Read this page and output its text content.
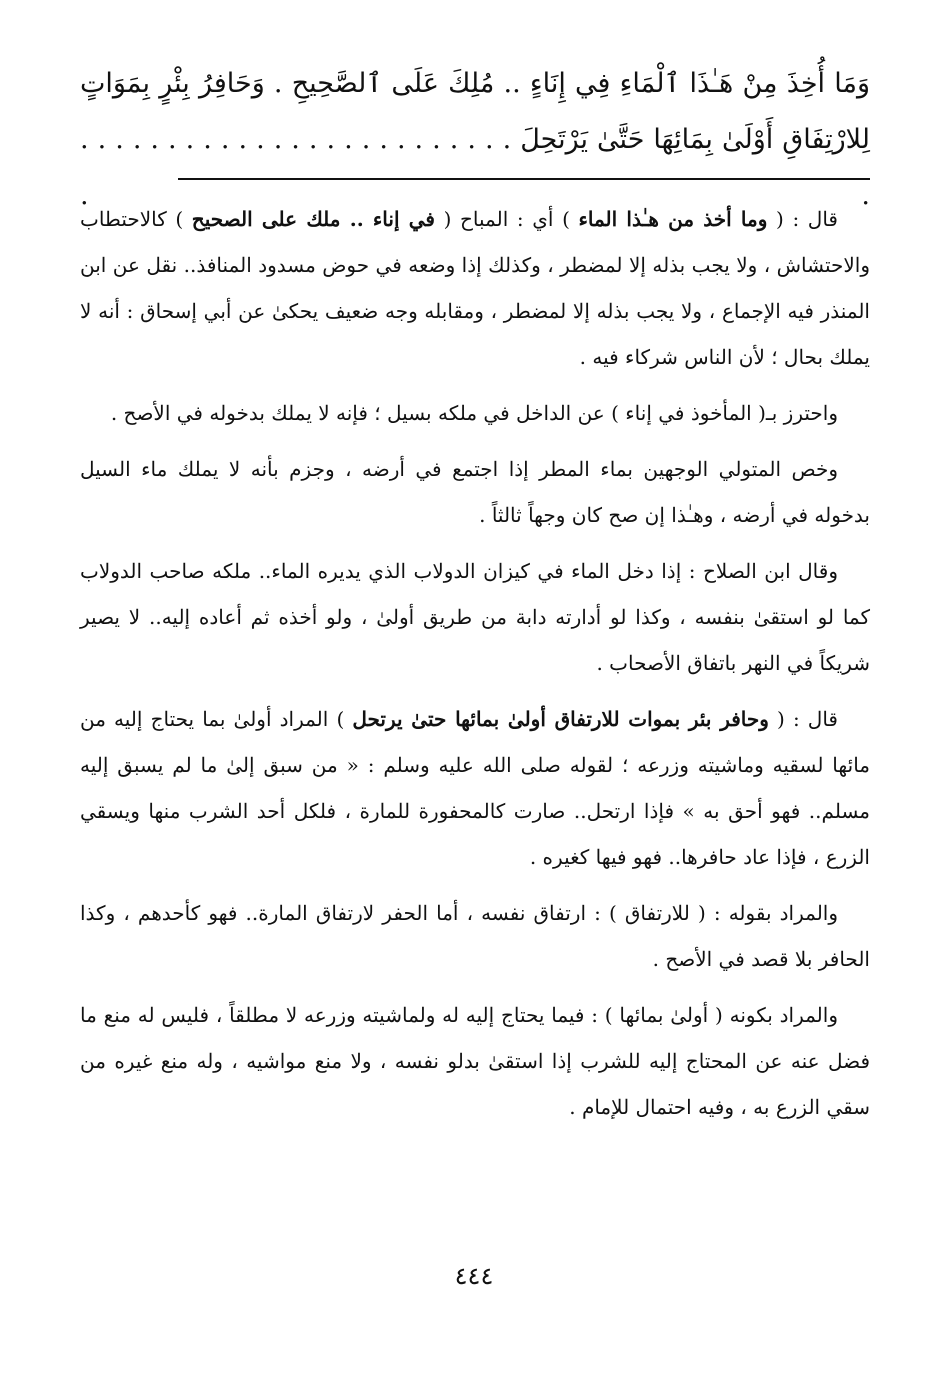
وَمَا أُخِذَ مِنْ هَـٰذَا ٱلْمَاءِ فِي إِنَاءٍ .. مُلِكَ عَلَى ٱلصَّحِيحِ . وَحَافِرُ بِئْرٍ بِمَوَاتٍ

لِلارْتِفَاقِ أَوْلَىٰ بِمَائِهَا حَتَّىٰ يَرْتَحِلَ . . . . . . . . . . . . . . . . . . . . . . . . . . .

قال : ( وما أخذ من هـٰذا الماء ) أي : المباح ( في إناء .. ملك على الصحيح ) كالاحتطاب والاحتشاش ، ولا يجب بذله إلا لمضطر ، وكذلك إذا وضعه في حوض مسدود المنافذ.. نقل عن ابن المنذر فيه الإجماع ، ولا يجب بذله إلا لمضطر ، ومقابله وجه ضعيف يحكىٰ عن أبي إسحاق : أنه لا يملك بحال ؛ لأن الناس شركاء فيه .

واحترز بـ( المأخوذ في إناء ) عن الداخل في ملكه بسيل ؛ فإنه لا يملك بدخوله في الأصح .

وخص المتولي الوجهين بماء المطر إذا اجتمع في أرضه ، وجزم بأنه لا يملك ماء السيل بدخوله في أرضه ، وهـٰذا إن صح كان وجهاً ثالثاً .

وقال ابن الصلاح : إذا دخل الماء في كيزان الدولاب الذي يديره الماء.. ملكه صاحب الدولاب كما لو استقىٰ بنفسه ، وكذا لو أدارته دابة من طريق أولىٰ ، ولو أخذه ثم أعاده إليه.. لا يصير شريكاً في النهر باتفاق الأصحاب .

قال : ( وحافر بئر بموات للارتفاق أولىٰ بمائها حتىٰ يرتحل ) المراد أولىٰ بما يحتاج إليه من مائها لسقيه وماشيته وزرعه ؛ لقوله صلى الله عليه وسلم : « من سبق إلىٰ ما لم يسبق إليه مسلم.. فهو أحق به » فإذا ارتحل.. صارت كالمحفورة للمارة ، فلكل أحد الشرب منها ويسقي الزرع ، فإذا عاد حافرها.. فهو فيها كغيره .

والمراد بقوله : ( للارتفاق ) : ارتفاق نفسه ، أما الحفر لارتفاق المارة.. فهو كأحدهم ، وكذا الحافر بلا قصد في الأصح .

والمراد بكونه ( أولىٰ بمائها ) : فيما يحتاج إليه له ولماشيته وزرعه لا مطلقاً ، فليس له منع ما فضل عنه عن المحتاج إليه للشرب إذا استقىٰ بدلو نفسه ، ولا منع مواشيه ، وله منع غيره من سقي الزرع به ، وفيه احتمال للإمام .

٤٤٤
